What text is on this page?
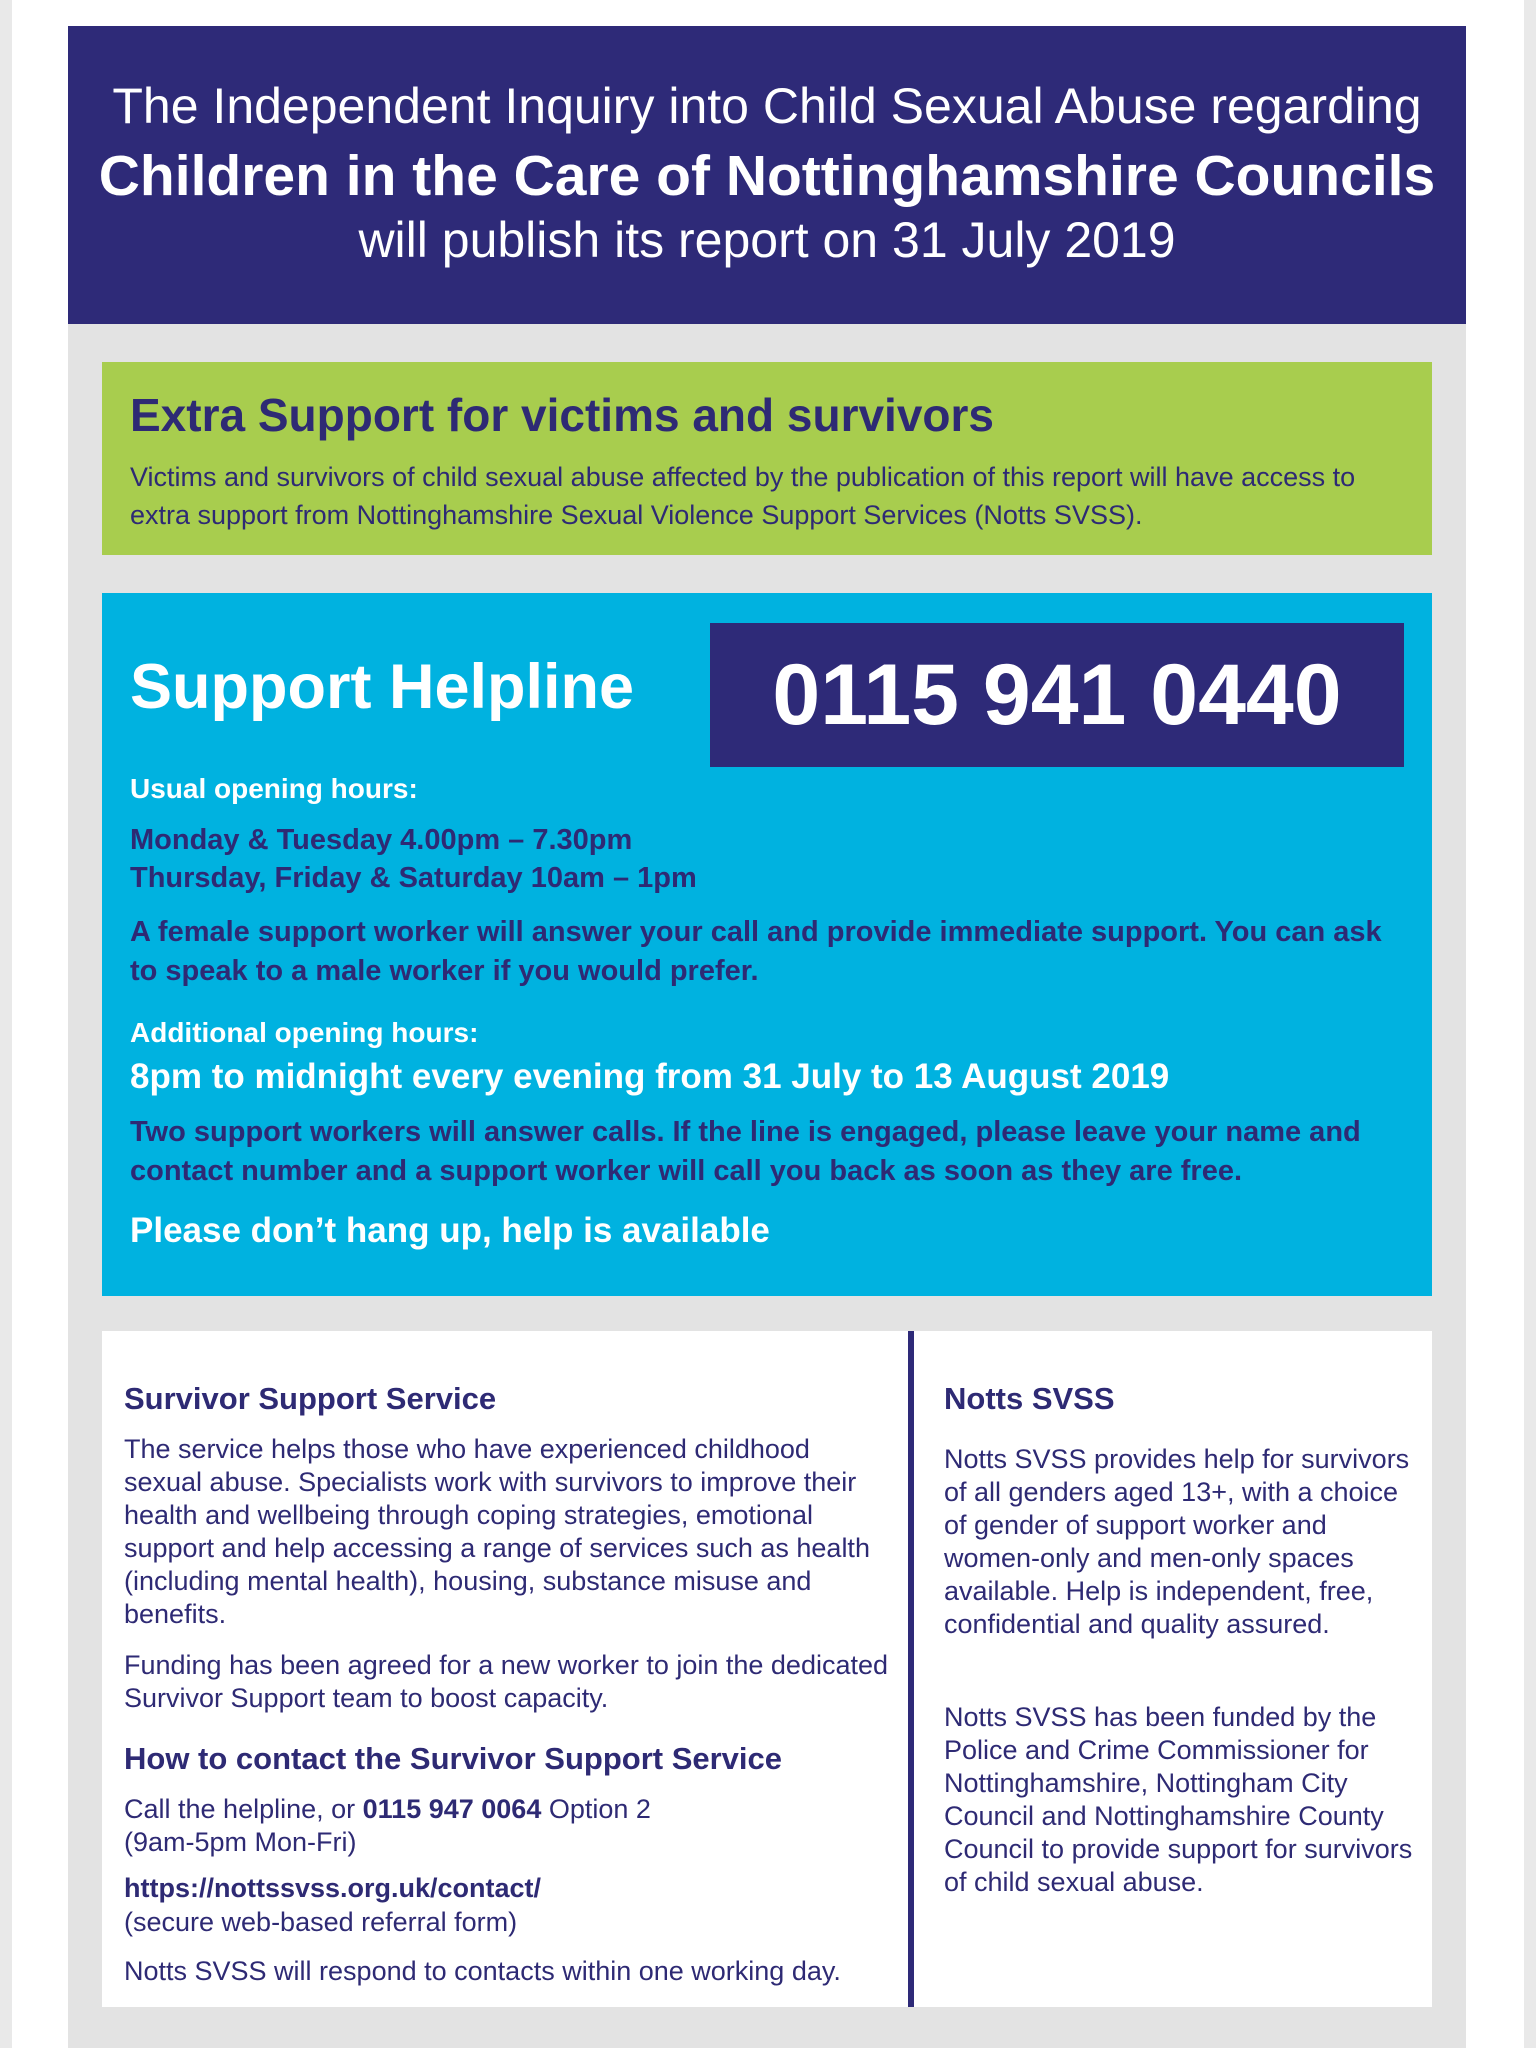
The Independent Inquiry into Child Sexual Abuse regarding
Children in the Care of Nottinghamshire Councils
will publish its report on 31 July 2019
Extra Support for victims and survivors
Victims and survivors of child sexual abuse affected by the publication of this report will have access to extra support from Nottinghamshire Sexual Violence Support Services (Notts SVSS).
Support Helpline	0115 941 0440
Usual opening hours:
Monday & Tuesday 4.00pm – 7.30pm
Thursday, Friday & Saturday 10am – 1pm
A female support worker will answer your call and provide immediate support. You can ask to speak to a male worker if you would prefer.
Additional opening hours:
8pm to midnight every evening from 31 July to 13 August 2019
Two support workers will answer calls. If the line is engaged, please leave your name and contact number and a support worker will call you back as soon as they are free.
Please don’t hang up, help is available
Survivor Support Service
The service helps those who have experienced childhood sexual abuse. Specialists work with survivors to improve their health and wellbeing through coping strategies, emotional support and help accessing a range of services such as health (including mental health), housing, substance misuse and benefits.
Funding has been agreed for a new worker to join the dedicated Survivor Support team to boost capacity.
How to contact the Survivor Support Service
Call the helpline, or 0115 947 0064 Option 2
(9am-5pm Mon-Fri)
https://nottssvss.org.uk/contact/
(secure web-based referral form)
Notts SVSS will respond to contacts within one working day.
Notts SVSS
Notts SVSS provides help for survivors of all genders aged 13+, with a choice of gender of support worker and women-only and men-only spaces available. Help is independent, free, confidential and quality assured.
Notts SVSS has been funded by the Police and Crime Commissioner for Nottinghamshire, Nottingham City Council and Nottinghamshire County Council to provide support for survivors of child sexual abuse.
